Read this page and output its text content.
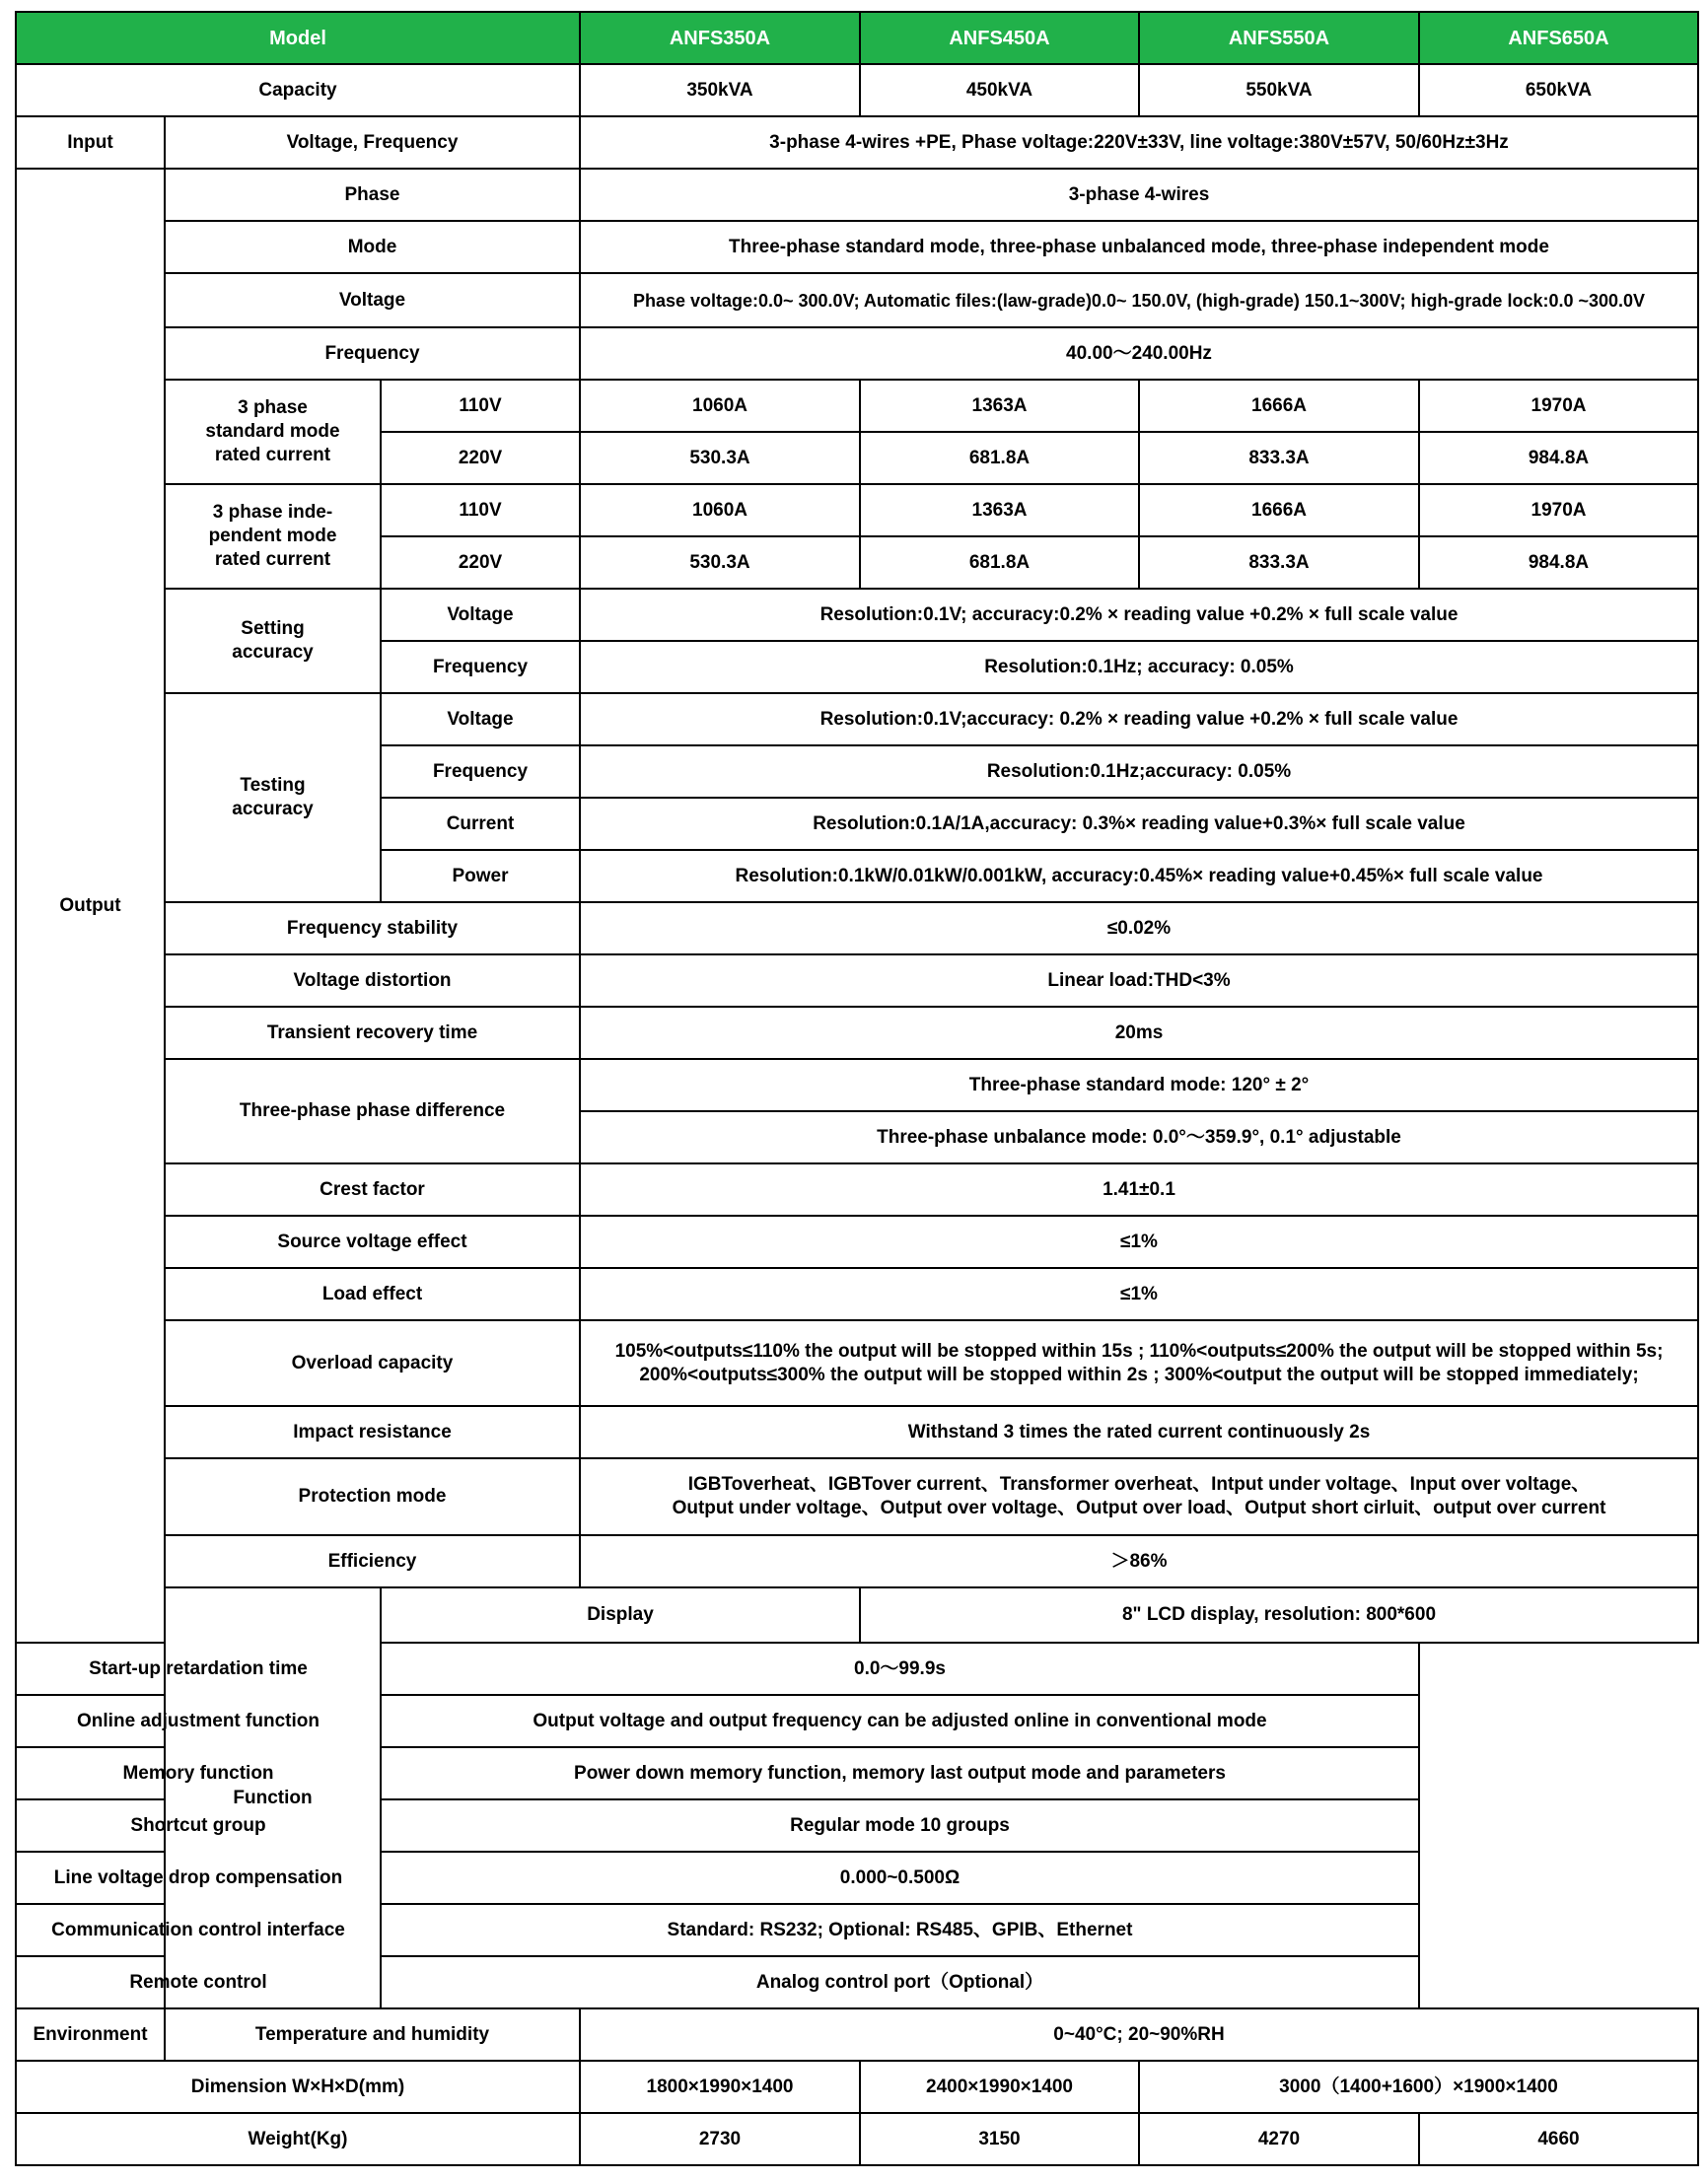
Model			ANFS350A	ANFS450A	ANFS550A	ANFS650A
Capacity			350kVA	450kVA	550kVA	650kVA
Input	Voltage, Frequency		3-phase 4-wires +PE, Phase voltage:220V±33V, line voltage:380V±57V, 50/60Hz±3Hz			
Output	Phase		3-phase 4-wires			
	Mode		Three-phase standard mode, three-phase unbalanced mode, three-phase independent mode			
	Voltage		Phase voltage:0.0~ 300.0V; Automatic files:(law-grade)0.0~ 150.0V, (high-grade) 150.1~300V; high-grade lock:0.0 ~300.0V			
	Frequency		40.00～240.00Hz			
	3 phase
standard mode
rated current	110V	1060A	1363A	1666A	1970A
		220V	530.3A	681.8A	833.3A	984.8A
	3 phase inde-
pendent mode
rated current	110V	1060A	1363A	1666A	1970A
		220V	530.3A	681.8A	833.3A	984.8A
	Setting
accuracy	Voltage	Resolution:0.1V; accuracy:0.2% × reading value +0.2% × full scale value			
		Frequency	Resolution:0.1Hz; accuracy: 0.05%			
	Testing
accuracy	Voltage	Resolution:0.1V;accuracy: 0.2% × reading value +0.2% × full scale value			
		Frequency	Resolution:0.1Hz;accuracy: 0.05%			
		Current	Resolution:0.1A/1A,accuracy: 0.3%× reading value+0.3%× full scale value			
		Power	Resolution:0.1kW/0.01kW/0.001kW, accuracy:0.45%× reading value+0.45%× full scale value			
	Frequency stability		≤0.02%			
	Voltage distortion		Linear load:THD<3%			
	Transient recovery time		20ms			
	Three-phase phase difference		Three-phase standard mode: 120° ± 2°			
			Three-phase unbalance mode: 0.0°～359.9°, 0.1° adjustable			
	Crest factor		1.41±0.1			
	Source voltage effect		≤1%			
	Load effect		≤1%			
	Overload capacity		105%<outputs≤110% the output will be stopped within 15s ; 110%<outputs≤200% the output will be stopped within 5s;
200%<outputs≤300% the output will be stopped within 2s ; 300%<output the output will be stopped immediately;			
	Impact resistance		Withstand 3 times the rated current continuously 2s			
	Protection mode		IGBToverheat、IGBTover current、Transformer overheat、Intput under voltage、Input over voltage、
Output under voltage、Output over voltage、Output over load、Output short cirluit、output over current			
	Efficiency		＞86%			
	Function	Display		8" LCD display, resolution: 800*600		
Start-up retardation time		0.0～99.9s				
Online adjustment function		Output voltage and output frequency can be adjusted online in conventional mode				
Memory function		Power down memory function, memory last output mode and parameters				
Shortcut group		Regular mode 10 groups				
Line voltage drop compensation		0.000~0.500Ω				
Communication control interface		Standard: RS232; Optional: RS485、GPIB、Ethernet				
Remote control		Analog control port（Optional）				
Environment	Temperature and humidity		0~40°C; 20~90%RH			
Dimension W×H×D(mm)			1800×1990×1400	2400×1990×1400	3000（1400+1600）×1900×1400	
Weight(Kg)			2730	3150	4270	4660
